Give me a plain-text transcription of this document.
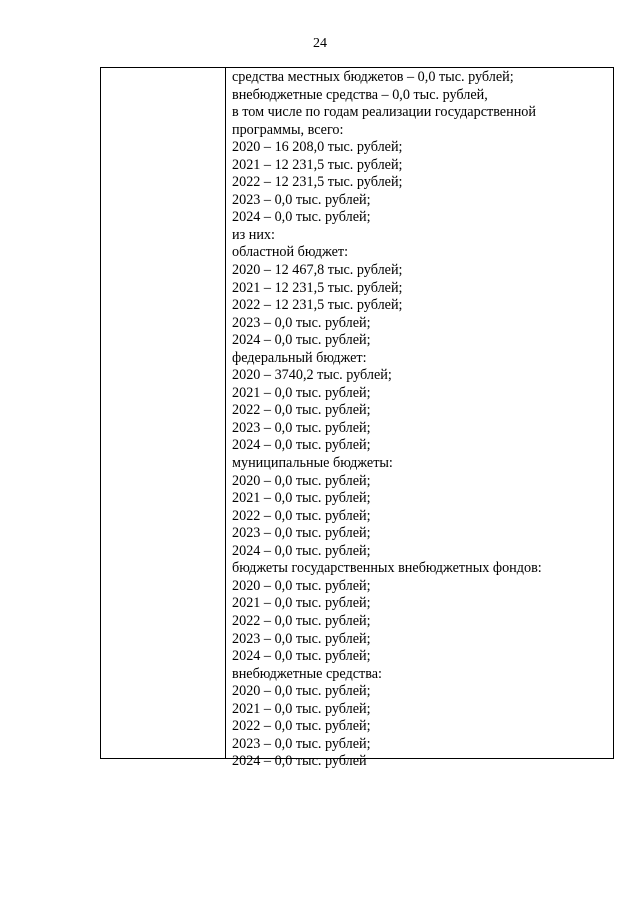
24
средства местных бюджетов – 0,0 тыс. рублей;
внебюджетные средства – 0,0 тыс. рублей,
в том числе по годам реализации государственной
программы, всего:
2020 – 16 208,0 тыс. рублей;
2021 – 12 231,5 тыс. рублей;
2022 – 12 231,5 тыс. рублей;
2023 – 0,0 тыс. рублей;
2024 – 0,0 тыс. рублей;
из них:
областной бюджет:
2020 – 12 467,8 тыс. рублей;
2021 – 12 231,5 тыс. рублей;
2022 – 12 231,5 тыс. рублей;
2023 – 0,0 тыс. рублей;
2024 – 0,0 тыс. рублей;
федеральный бюджет:
2020 – 3740,2 тыс. рублей;
2021 – 0,0 тыс. рублей;
2022 – 0,0 тыс. рублей;
2023 – 0,0 тыс. рублей;
2024 – 0,0 тыс. рублей;
муниципальные бюджеты:
2020 – 0,0 тыс. рублей;
2021 – 0,0 тыс. рублей;
2022 – 0,0 тыс. рублей;
2023 – 0,0 тыс. рублей;
2024 – 0,0 тыс. рублей;
бюджеты государственных внебюджетных фондов:
2020 – 0,0 тыс. рублей;
2021 – 0,0 тыс. рублей;
2022 – 0,0 тыс. рублей;
2023 – 0,0 тыс. рублей;
2024 – 0,0 тыс. рублей;
внебюджетные средства:
2020 – 0,0 тыс. рублей;
2021 – 0,0 тыс. рублей;
2022 – 0,0 тыс. рублей;
2023 – 0,0 тыс. рублей;
2024 – 0,0 тыс. рублей
